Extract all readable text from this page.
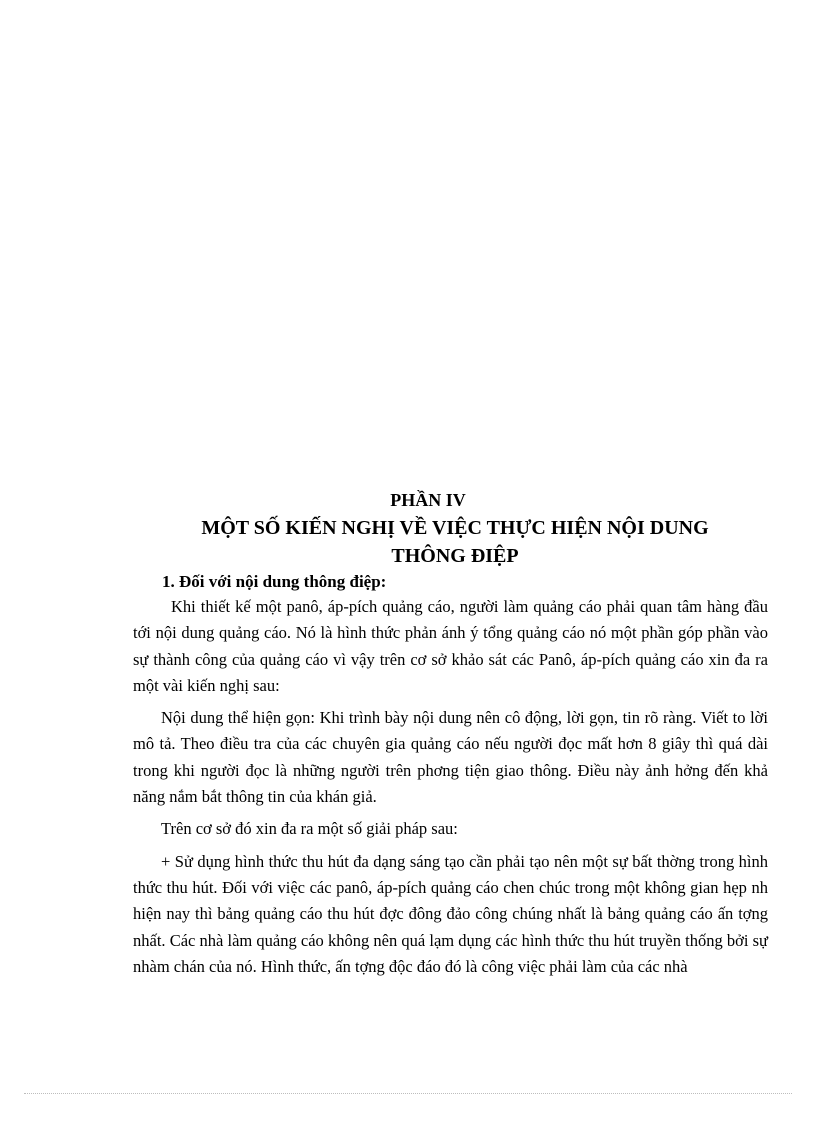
PHẦN IV
MỘT SỐ KIẾN NGHỊ VỀ VIỆC THỰC HIỆN NỘI DUNG
THÔNG ĐIỆP
1. Đối với nội dung thông điệp:

Khi thiết kế một panô, áp-pích quảng cáo, người làm quảng cáo phải quan tâm hàng đầu tới nội dung quảng cáo. Nó là hình thức phản ánh ý tổng quảng cáo nó một phần góp phần vào sự thành công của quảng cáo vì vậy trên cơ sở khảo sát các Panô, áp-pích quảng cáo xin đa ra một vài kiến nghị sau:

Nội dung thể hiện gọn: Khi trình bày nội dung nên cô động, lời gọn, tin rõ ràng. Viết to lời mô tả. Theo điều tra của các chuyên gia quảng cáo nếu người đọc mất hơn 8 giây thì quá dài trong khi người đọc là những người trên phơng tiện giao thông. Điều này ảnh hởng đến khả năng nắm bắt thông tin của khán giả.

Trên cơ sở đó xin đa ra một số giải pháp sau:

+ Sử dụng hình thức thu hút đa dạng sáng tạo cần phải tạo nên một sự bất thờng trong hình thức thu hút. Đối với việc các panô, áp-pích quảng cáo chen chúc trong một không gian hẹp nh hiện nay thì bảng quảng cáo thu hút đợc đông đảo công chúng nhất là bảng quảng cáo ấn tợng nhất. Các nhà làm quảng cáo không nên quá lạm dụng các hình thức thu hút truyền thống bởi sự nhàm chán của nó. Hình thức, ấn tợng độc đáo đó là công việc phải làm của các nhà
